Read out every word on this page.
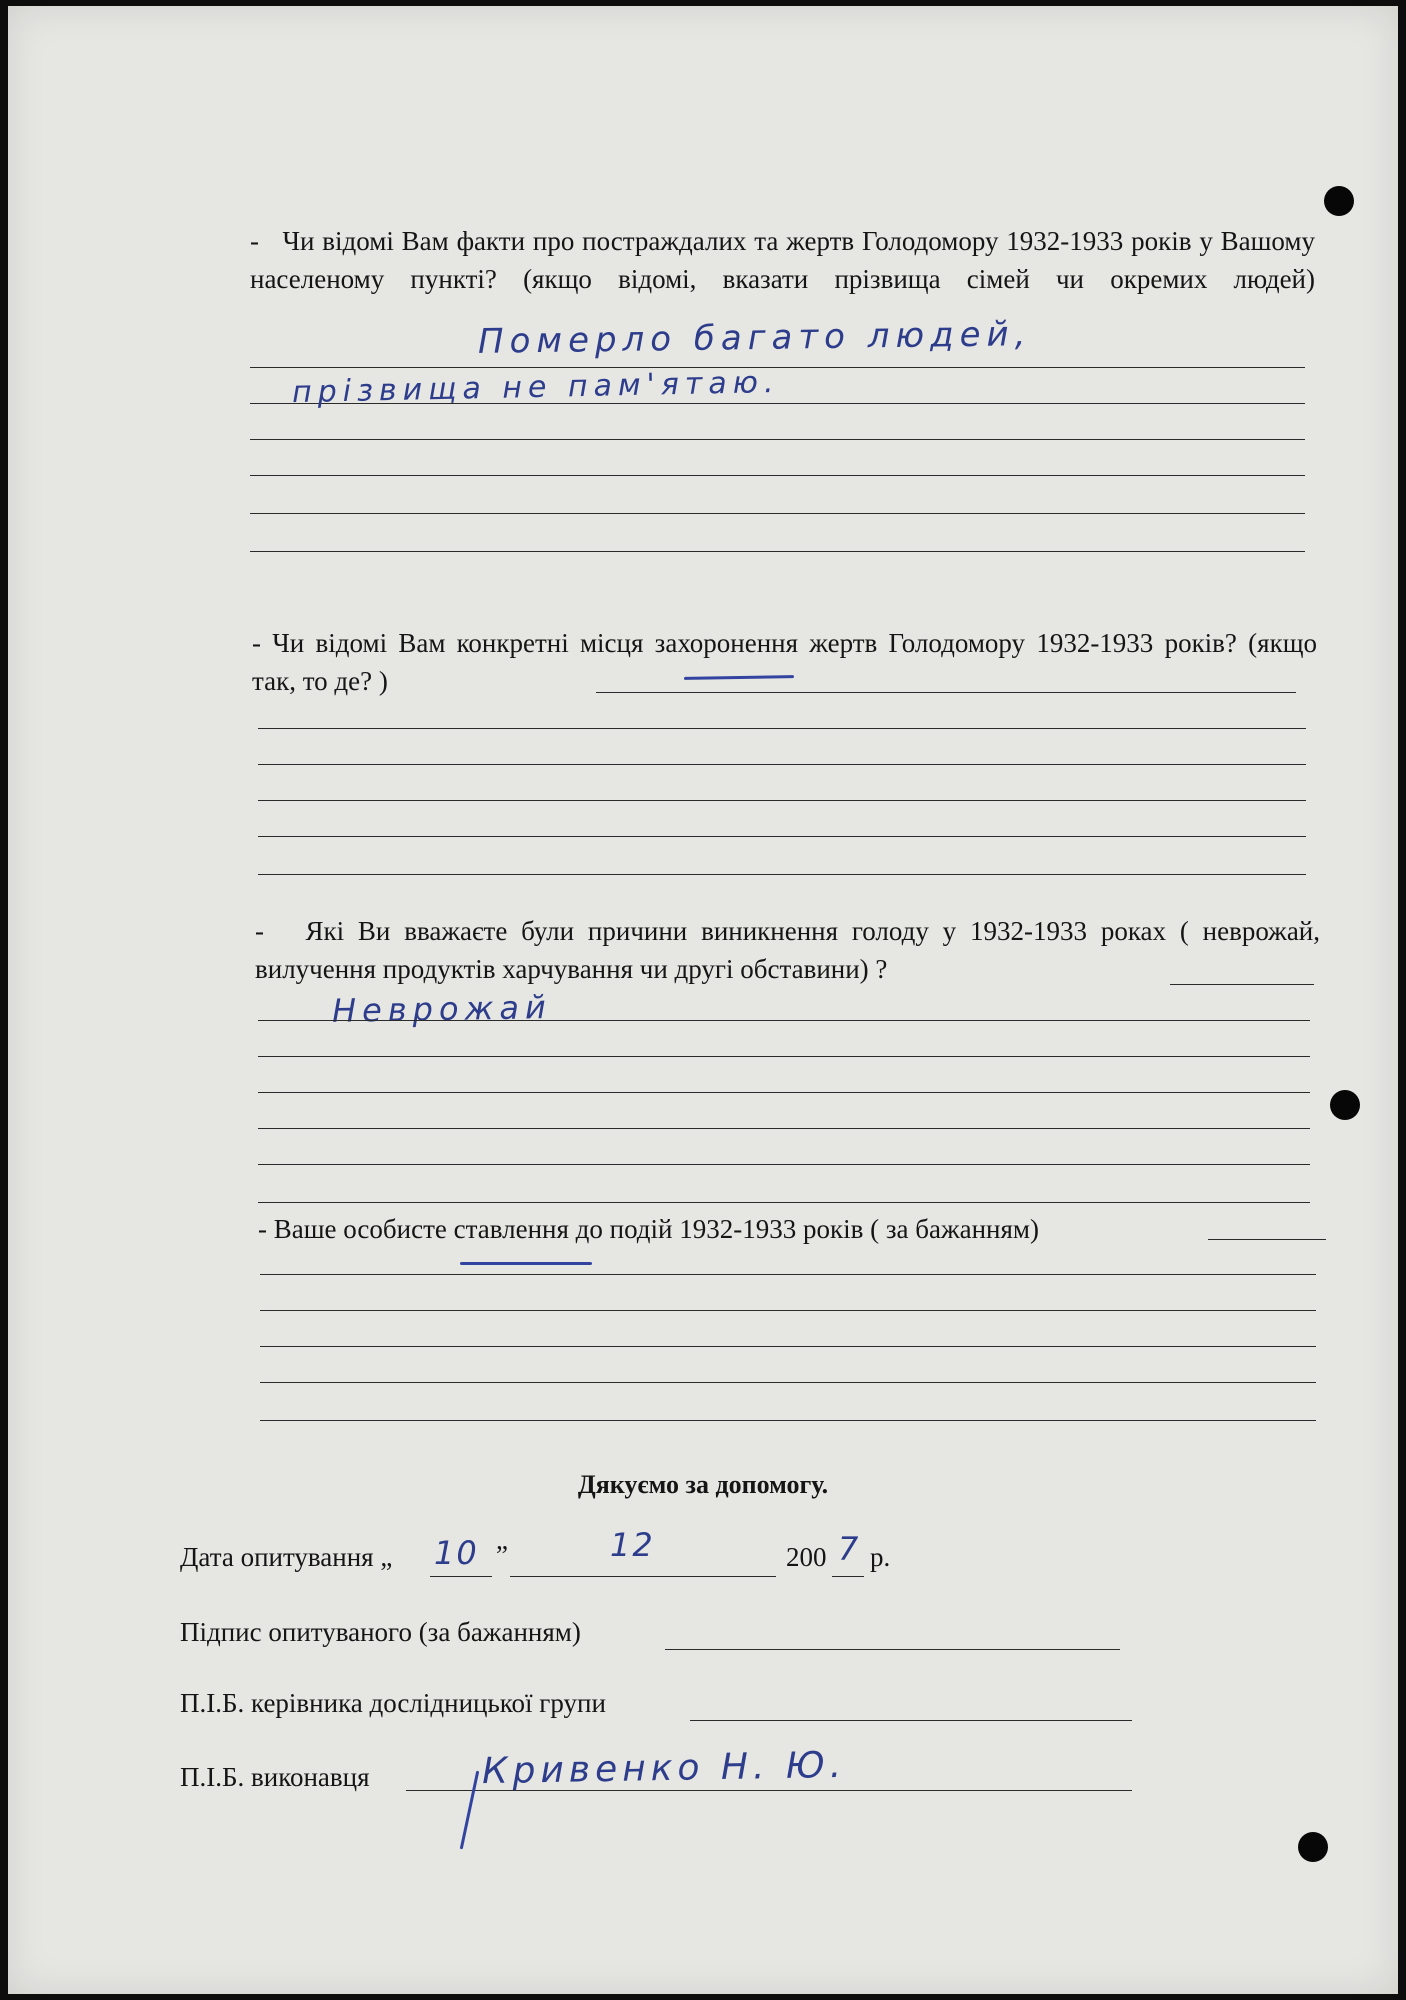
-   Чи відомі Вам факти про постраждалих та жертв Голодомору 1932-1933 років у Вашому населеному пункті? (якщо відомі, вказати прізвища сімей чи окремих людей)

Померло багато людей,

прізвища не пам'ятаю.

- Чи відомі Вам конкретні місця захоронення жертв Голодомору 1932-1933 років? (якщо так, то де? )

-   Які Ви вважаєте були причини виникнення голоду у 1932-1933 роках ( неврожай, вилучення продуктів харчування чи другі обставини) ?

Неврожай

- Ваше особисте ставлення до подій 1932-1933 років ( за бажанням)

Дякуємо за допомогу.

Дата опитування „ 10 ”	12	200 7 р.

Підпис опитуваного (за бажанням)

П.І.Б. керівника дослідницької групи

П.І.Б. виконавця	Кривенко Н. Ю.
